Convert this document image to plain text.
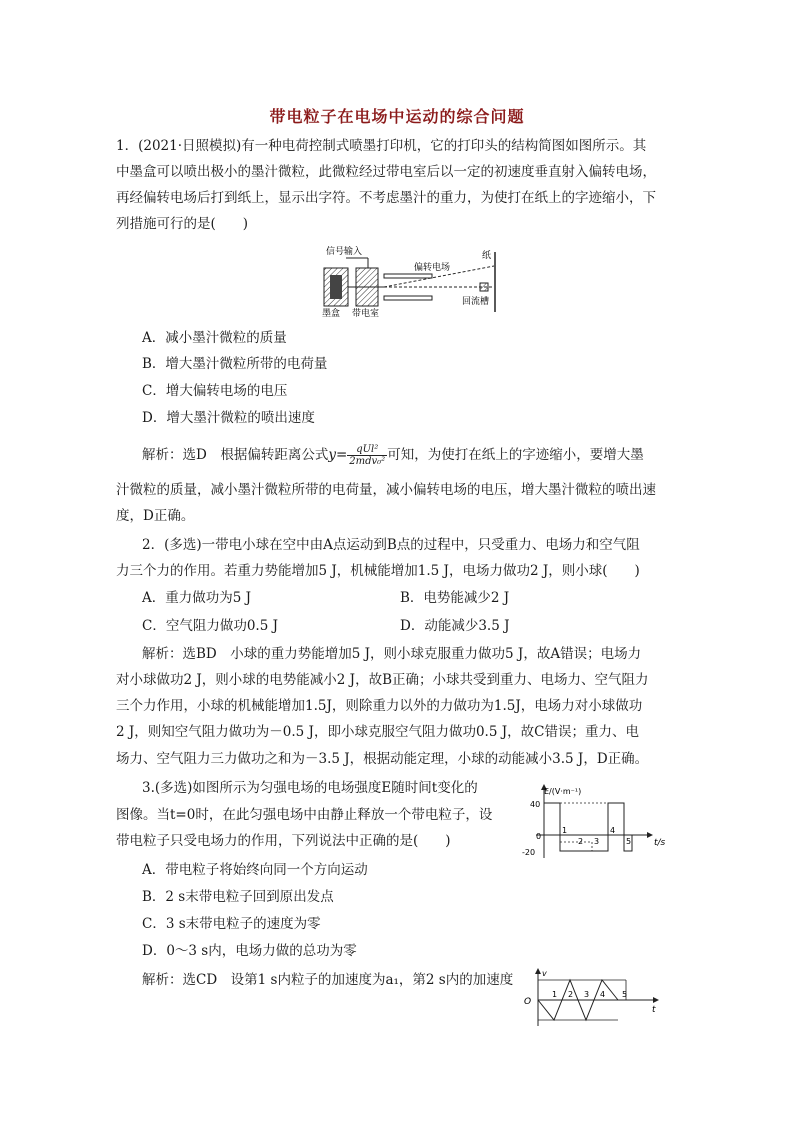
带电粒子在电场中运动的综合问题
1．(2021·日照模拟)有一种电荷控制式喷墨打印机，它的打印头的结构简图如图所示。其
中墨盒可以喷出极小的墨汁微粒，此微粒经过带电室后以一定的初速度垂直射入偏转电场，
再经偏转电场后打到纸上，显示出字符。不考虑墨汁的重力，为使打在纸上的字迹缩小，下
列措施可行的是(　　)
信号输入
偏转电场
纸
墨盒 带电室
回流槽
A．减小墨汁微粒的质量
B．增大墨汁微粒所带的电荷量
C．增大偏转电场的电压
D．增大墨汁微粒的喷出速度
解析：选D　根据偏转距离公式$y= \frac{\text{qUl²}}{\text{2mdv₀²}}$ 可知，为使打在纸上的字迹缩小，要增大墨
汁微粒的质量，减小墨汁微粒所带的电荷量，减小偏转电场的电压，增大墨汁微粒的喷出速
度，D正确。
2．(多选)一带电小球在空中由A点运动到B点的过程中，只受重力、电场力和空气阻
力三个力的作用。若重力势能增加5 J，机械能增加1.5 J，电场力做功2 J，则小球(　　)
A．重力做功为5 J	B．电势能减少2 J
C．空气阻力做功0.5 J	D．动能减少3.5 J
解析：选BD　小球的重力势能增加5 J，则小球克服重力做功5 J，故A错误；电场力
对小球做功2 J，则小球的电势能减小2 J，故B正确；小球共受到重力、电场力、空气阻力
三个力作用，小球的机械能增加1.5J，则除重力以外的力做功为1.5J，电场力对小球做功
2 J，则知空气阻力做功为－0.5 J，即小球克服空气阻力做功0.5 J，故C错误；重力、电
场力、空气阻力三力做功之和为－3.5 J，根据动能定理，小球的动能减小3.5 J，D正确。
3.(多选)如图所示为匀强电场的电场强度E随时间t变化的
图像。当t=0时，在此匀强电场中由静止释放一个带电粒子，设
带电粒子只受电场力的作用，下列说法中正确的是(　　)
A．带电粒子将始终向同一个方向运动
B．2 s末带电粒子回到原出发点
C．3 s末带电粒子的速度为零
D．0～3 s内，电场力做的总功为零
解析：选CD　设第1 s内粒子的加速度为a₁，第2 s内的加速度
E/(V·m⁻¹)
t/s
40
0
-20
1
2 3
4
5
v
O
t
1 2 3 4 5
